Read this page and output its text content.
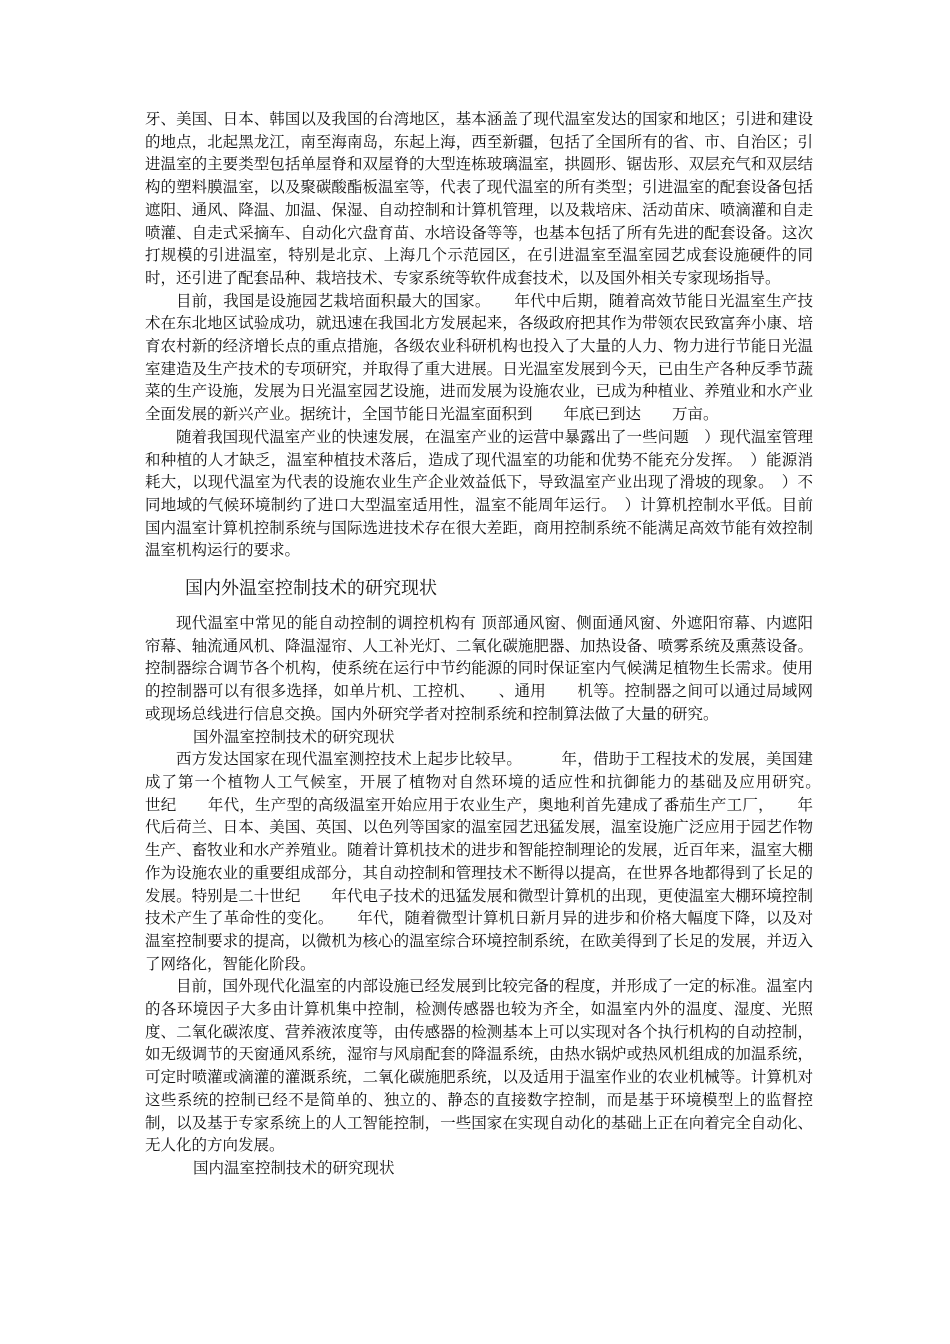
牙、美国、日本、韩国以及我国的台湾地区，基本涵盖了现代温室发达的国家和地区；引进和建设的地点，北起黑龙江，南至海南岛，东起上海，西至新疆，包括了全国所有的省、市、自治区；引进温室的主要类型包括单屋脊和双屋脊的大型连栋玻璃温室，拱圆形、锯齿形、双层充气和双层结构的塑料膜温室，以及聚碳酸酯板温室等，代表了现代温室的所有类型；引进温室的配套设备包括遮阳、通风、降温、加温、保湿、自动控制和计算机管理，以及栽培床、活动苗床、喷滴灌和自走喷灌、自走式采摘车、自动化穴盘育苗、水培设备等等，也基本包括了所有先进的配套设备。这次打规模的引进温室，特别是北京、上海几个示范园区，在引进温室至温室园艺成套设施硬件的同时，还引进了配套品种、栽培技术、专家系统等软件成套技术，以及国外相关专家现场指导。

目前，我国是设施园艺栽培面积最大的国家。　　年代中后期，随着高效节能日光温室生产技术在东北地区试验成功，就迅速在我国北方发展起来，各级政府把其作为带领农民致富奔小康、培育农村新的经济增长点的重点措施，各级农业科研机构也投入了大量的人力、物力进行节能日光温室建造及生产技术的专项研究，并取得了重大进展。日光温室发展到今天，已由生产各种反季节蔬菜的生产设施，发展为日光温室园艺设施，进而发展为设施农业，已成为种植业、养殖业和水产业全面发展的新兴产业。据统计，全国节能日光温室面积到　　年底已到达　　万亩。

随着我国现代温室产业的快速发展，在温室产业的运营中暴露出了一些问题　）现代温室管理和种植的人才缺乏，温室种植技术落后，造成了现代温室的功能和优势不能充分发挥。　）能源消耗大，以现代温室为代表的设施农业生产企业效益低下，导致温室产业出现了滑坡的现象。　）不同地域的气候环境制约了进口大型温室适用性，温室不能周年运行。　）计算机控制水平低。目前国内温室计算机控制系统与国际选进技术存在很大差距，商用控制系统不能满足高效节能有效控制温室机构运行的要求。

国内外温室控制技术的研究现状

现代温室中常见的能自动控制的调控机构有 顶部通风窗、侧面通风窗、外遮阳帘幕、内遮阳帘幕、轴流通风机、降温湿帘、人工补光灯、二氧化碳施肥器、加热设备、喷雾系统及熏蒸设备。控制器综合调节各个机构，使系统在运行中节约能源的同时保证室内气候满足植物生长需求。使用的控制器可以有很多选择，如单片机、工控机、　　、通用　　机等。控制器之间可以通过局域网或现场总线进行信息交换。国内外研究学者对控制系统和控制算法做了大量的研究。

国外温室控制技术的研究现状

西方发达国家在现代温室测控技术上起步比较早。　　　年，借助于工程技术的发展，美国建成了第一个植物人工气候室，开展了植物对自然环境的适应性和抗御能力的基础及应用研究。　　世纪　　年代，生产型的高级温室开始应用于农业生产，奥地利首先建成了番茄生产工厂，　　年代后荷兰、日本、美国、英国、以色列等国家的温室园艺迅猛发展，温室设施广泛应用于园艺作物生产、畜牧业和水产养殖业。随着计算机技术的进步和智能控制理论的发展，近百年来，温室大棚作为设施农业的重要组成部分，其自动控制和管理技术不断得以提高，在世界各地都得到了长足的发展。特别是二十世纪　　年代电子技术的迅猛发展和微型计算机的出现，更使温室大棚环境控制技术产生了革命性的变化。　　年代，随着微型计算机日新月异的进步和价格大幅度下降，以及对温室控制要求的提高，以微机为核心的温室综合环境控制系统，在欧美得到了长足的发展，并迈入了网络化，智能化阶段。

目前，国外现代化温室的内部设施已经发展到比较完备的程度，并形成了一定的标准。温室内的各环境因子大多由计算机集中控制，检测传感器也较为齐全，如温室内外的温度、湿度、光照度、二氧化碳浓度、营养液浓度等，由传感器的检测基本上可以实现对各个执行机构的自动控制，如无级调节的天窗通风系统，湿帘与风扇配套的降温系统，由热水锅炉或热风机组成的加温系统，可定时喷灌或滴灌的灌溉系统，二氧化碳施肥系统，以及适用于温室作业的农业机械等。计算机对这些系统的控制已经不是简单的、独立的、静态的直接数字控制，而是基于环境模型上的监督控制，以及基于专家系统上的人工智能控制，一些国家在实现自动化的基础上正在向着完全自动化、无人化的方向发展。

国内温室控制技术的研究现状
